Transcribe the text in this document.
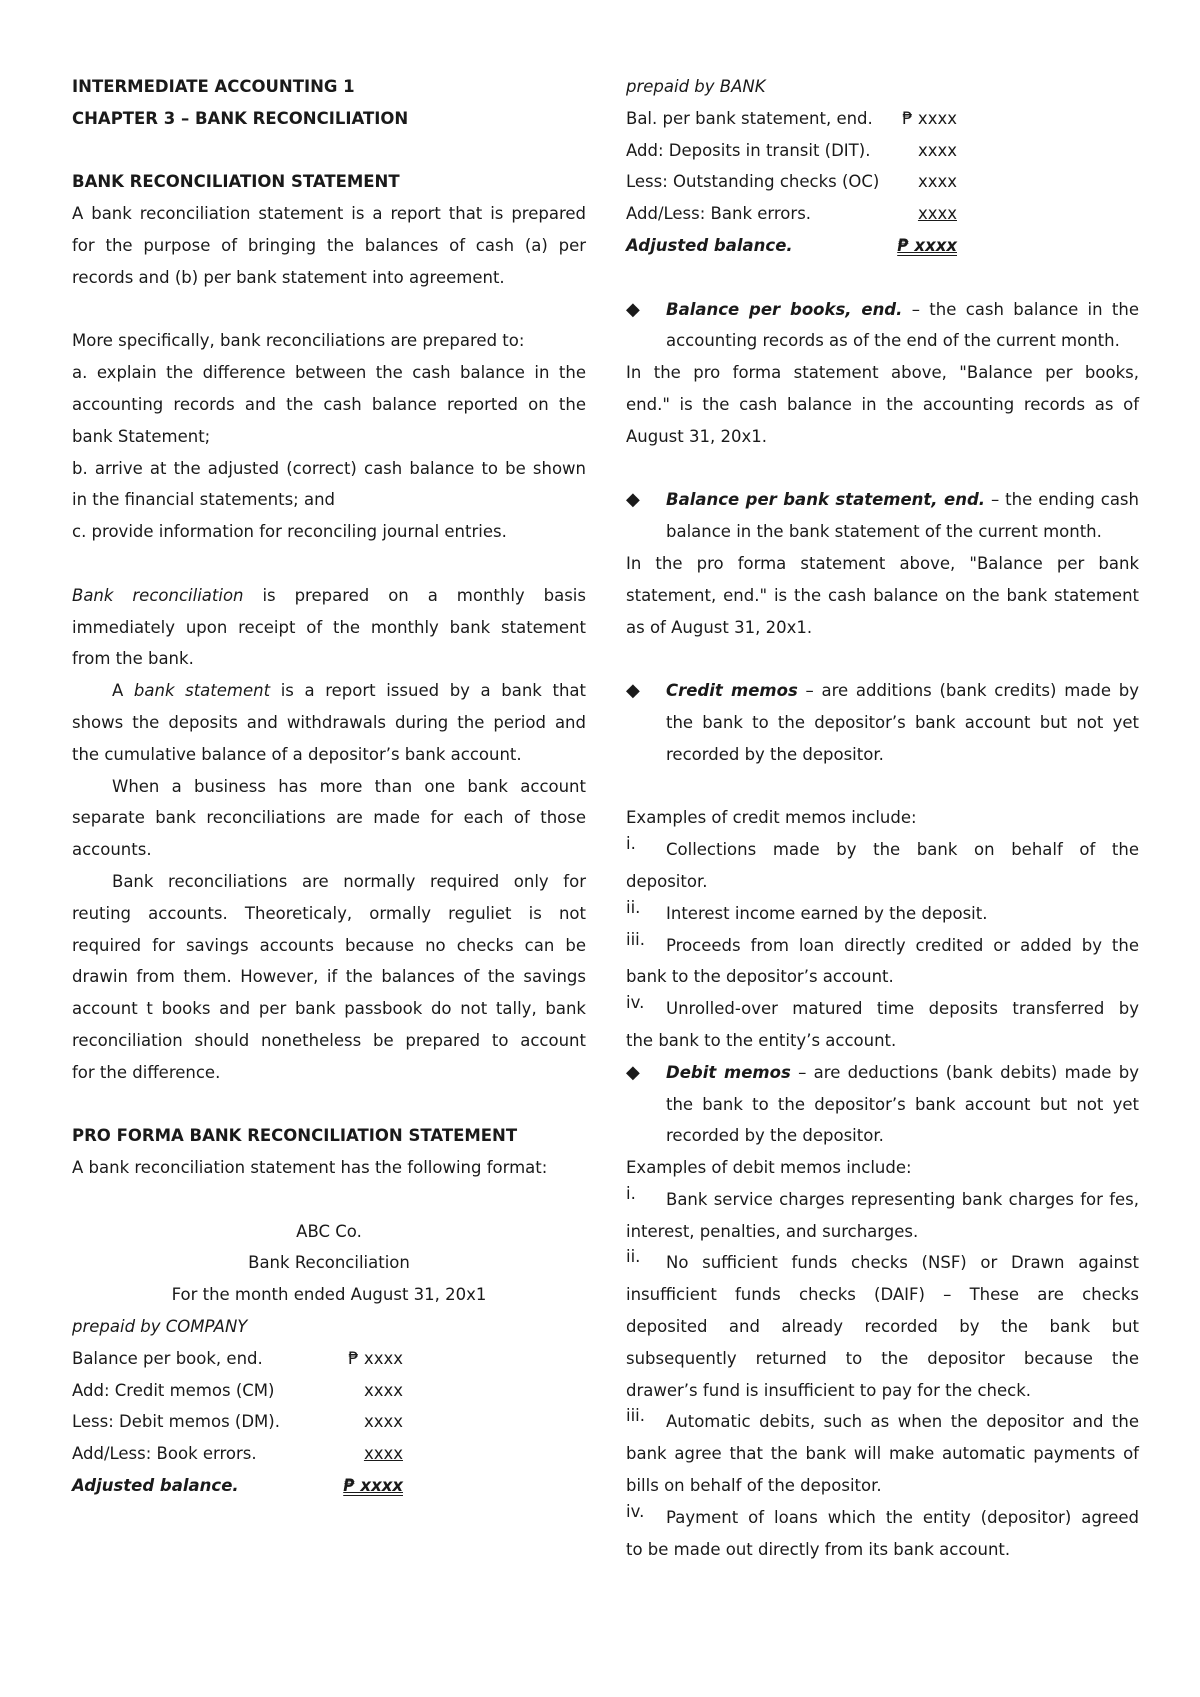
INTERMEDIATE ACCOUNTING 1

CHAPTER 3 – BANK RECONCILIATION

BANK RECONCILIATION STATEMENT

A bank reconciliation statement is a report that is prepared

for the purpose of bringing the balances of cash (a) per

records and (b) per bank statement into agreement.

More specifically, bank reconciliations are prepared to:

a. explain the difference between the cash balance in the

accounting records and the cash balance reported on the

bank Statement;

b. arrive at the adjusted (correct) cash balance to be shown

in the financial statements; and

c. provide information for reconciling journal entries.

Bank reconciliation is prepared on a monthly basis

immediately upon receipt of the monthly bank statement

from the bank.

A bank statement is a report issued by a bank that

shows the deposits and withdrawals during the period and

the cumulative balance of a depositor’s bank account.

When a business has more than one bank account

separate bank reconciliations are made for each of those

accounts.

Bank reconciliations are normally required only for

reuting accounts. Theoreticaly, ormally reguliet is not

required for savings accounts because no checks can be

drawin from them. However, if the balances of the savings

account t books and per bank passbook do not tally, bank

reconciliation should nonetheless be prepared to account

for the difference.

PRO FORMA BANK RECONCILIATION STATEMENT

A bank reconciliation statement has the following format:

ABC Co.

Bank Reconciliation

For the month ended August 31, 20x1

prepaid by COMPANY

Balance per book, end.	₱ xxxx
Add: Credit memos (CM)	xxxx
Less: Debit memos (DM).	xxxx
Add/Less: Book errors.	xxxx
Adjusted balance.	₱ xxxx

prepaid by BANK

Bal. per bank statement, end.	₱ xxxx
Add: Deposits in transit (DIT).	xxxx
Less: Outstanding checks (OC)	xxxx
Add/Less: Bank errors.	xxxx
Adjusted balance.	₱ xxxx
◆	Balance per books, end. – the cash balance in the

accounting records as of the end of the current month.

In the pro forma statement above, "Balance per books,

end." is the cash balance in the accounting records as of

August 31, 20x1.

◆	Balance per bank statement, end. – the ending cash

balance in the bank statement of the current month.

In the pro forma statement above, "Balance per bank

statement, end." is the cash balance on the bank statement

as of August 31, 20x1.

◆	Credit memos – are additions (bank credits) made by

the bank to the depositor’s bank account but not yet

recorded by the depositor.

Examples of credit memos include:

i.	Collections made by the bank on behalf of the

depositor.

ii.	Interest income earned by the deposit.
iii.	Proceeds from loan directly credited or added by the

bank to the depositor’s account.

iv.	Unrolled-over matured time deposits transferred by

the bank to the entity’s account.

◆	Debit memos – are deductions (bank debits) made by

the bank to the depositor’s bank account but not yet

recorded by the depositor.

Examples of debit memos include:

i.	Bank service charges representing bank charges for fes,

interest, penalties, and surcharges.

ii.	No sufficient funds checks (NSF) or Drawn against

insufficient funds checks (DAIF) – These are checks

deposited and already recorded by the bank but

subsequently returned to the depositor because the

drawer’s fund is insufficient to pay for the check.

iii.	Automatic debits, such as when the depositor and the

bank agree that the bank will make automatic payments of

bills on behalf of the depositor.

iv.	Payment of loans which the entity (depositor) agreed

to be made out directly from its bank account.
